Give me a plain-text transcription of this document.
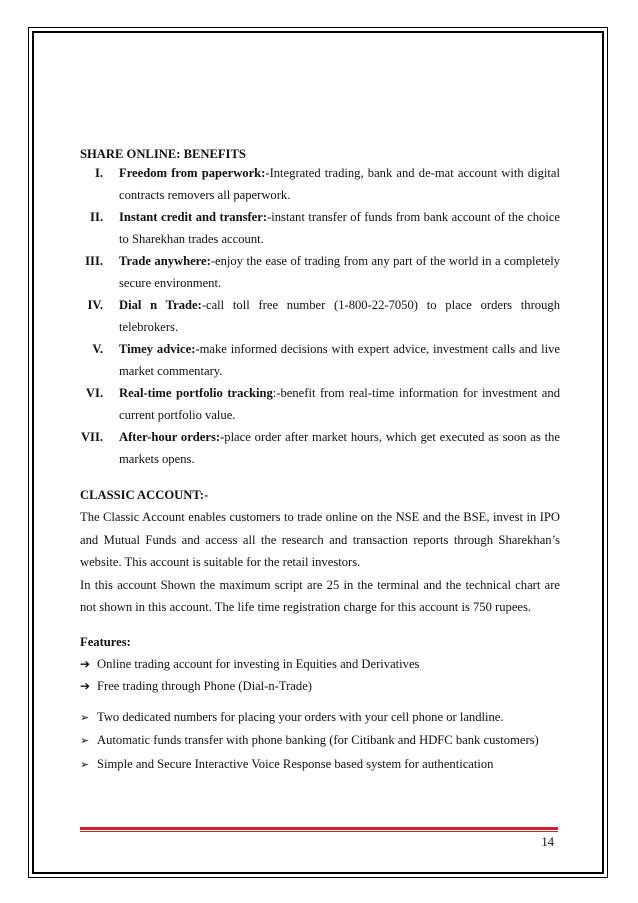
SHARE ONLINE: BENEFITS

I. Freedom from paperwork:-Integrated trading, bank and de-mat account with digital contracts removers all paperwork.
II. Instant credit and transfer:-instant transfer of funds from bank account of the choice to Sharekhan trades account.
III. Trade anywhere:-enjoy the ease of trading from any part of the world in a completely secure environment.
IV. Dial n Trade:-call toll free number (1-800-22-7050) to place orders through telebrokers.
V. Timey advice:-make informed decisions with expert advice, investment calls and live market commentary.
VI. Real-time portfolio tracking:-benefit from real-time information for investment and current portfolio value.
VII. After-hour orders:-place order after market hours, which get executed as soon as the markets opens.

CLASSIC ACCOUNT:-

The Classic Account enables customers to trade online on the NSE and the BSE, invest in IPO and Mutual Funds and access all the research and transaction reports through Sharekhan’s website. This account is suitable for the retail investors.

In this account Shown the maximum script are 25 in the terminal and the technical chart are not shown in this account. The life time registration charge for this account is 750 rupees.

Features:

➔ Online trading account for investing in Equities and Derivatives
➔ Free trading through Phone (Dial-n-Trade)
➢ Two dedicated numbers for placing your orders with your cell phone or landline.
➢ Automatic funds transfer with phone banking (for Citibank and HDFC bank customers)
➢ Simple and Secure Interactive Voice Response based system for authentication
14
